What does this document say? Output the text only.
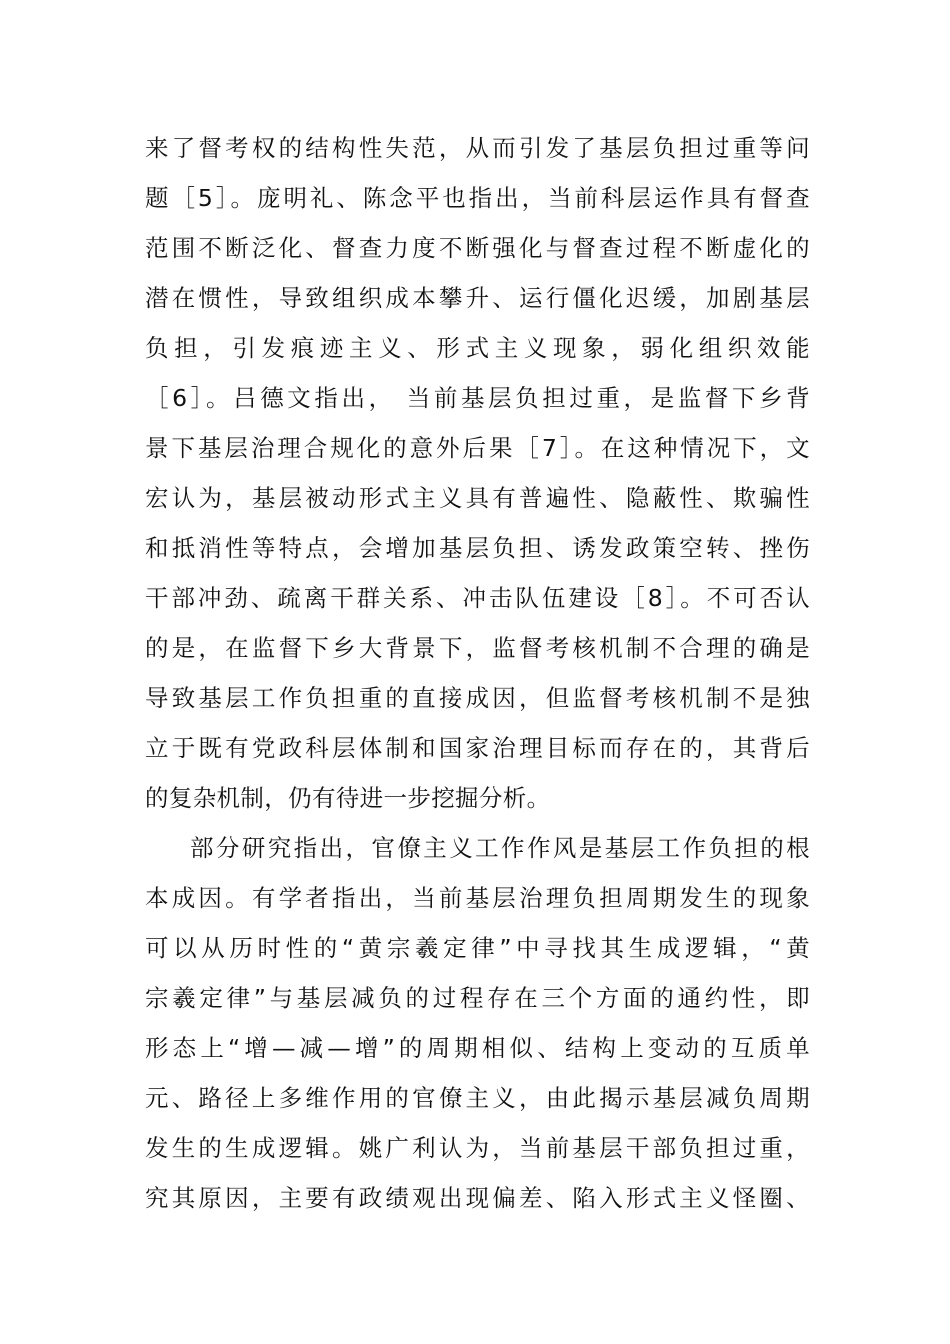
来了督考权的结构性失范，从而引发了基层负担过重等问
题［5］。庞明礼、陈念平也指出，当前科层运作具有督查
范围不断泛化、督查力度不断强化与督查过程不断虚化的
潜在惯性，导致组织成本攀升、运行僵化迟缓，加剧基层
负担，引发痕迹主义、形式主义现象，弱化组织效能
［6］。吕德文指出， 当前基层负担过重，是监督下乡背
景下基层治理合规化的意外后果［7］。在这种情况下，文
宏认为，基层被动形式主义具有普遍性、隐蔽性、欺骗性
和抵消性等特点，会增加基层负担、诱发政策空转、挫伤
干部冲劲、疏离干群关系、冲击队伍建设［8］。不可否认
的是，在监督下乡大背景下，监督考核机制不合理的确是
导致基层工作负担重的直接成因，但监督考核机制不是独
立于既有党政科层体制和国家治理目标而存在的，其背后
的复杂机制，仍有待进一步挖掘分析。
部分研究指出，官僚主义工作作风是基层工作负担的根
本成因。有学者指出，当前基层治理负担周期发生的现象
可以从历时性的“黄宗羲定律”中寻找其生成逻辑，“黄
宗羲定律”与基层减负的过程存在三个方面的通约性，即
形态上“增—减—增”的周期相似、结构上变动的互质单
元、路径上多维作用的官僚主义，由此揭示基层减负周期
发生的生成逻辑。姚广利认为，当前基层干部负担过重，
究其原因，主要有政绩观出现偏差、陷入形式主义怪圈、
